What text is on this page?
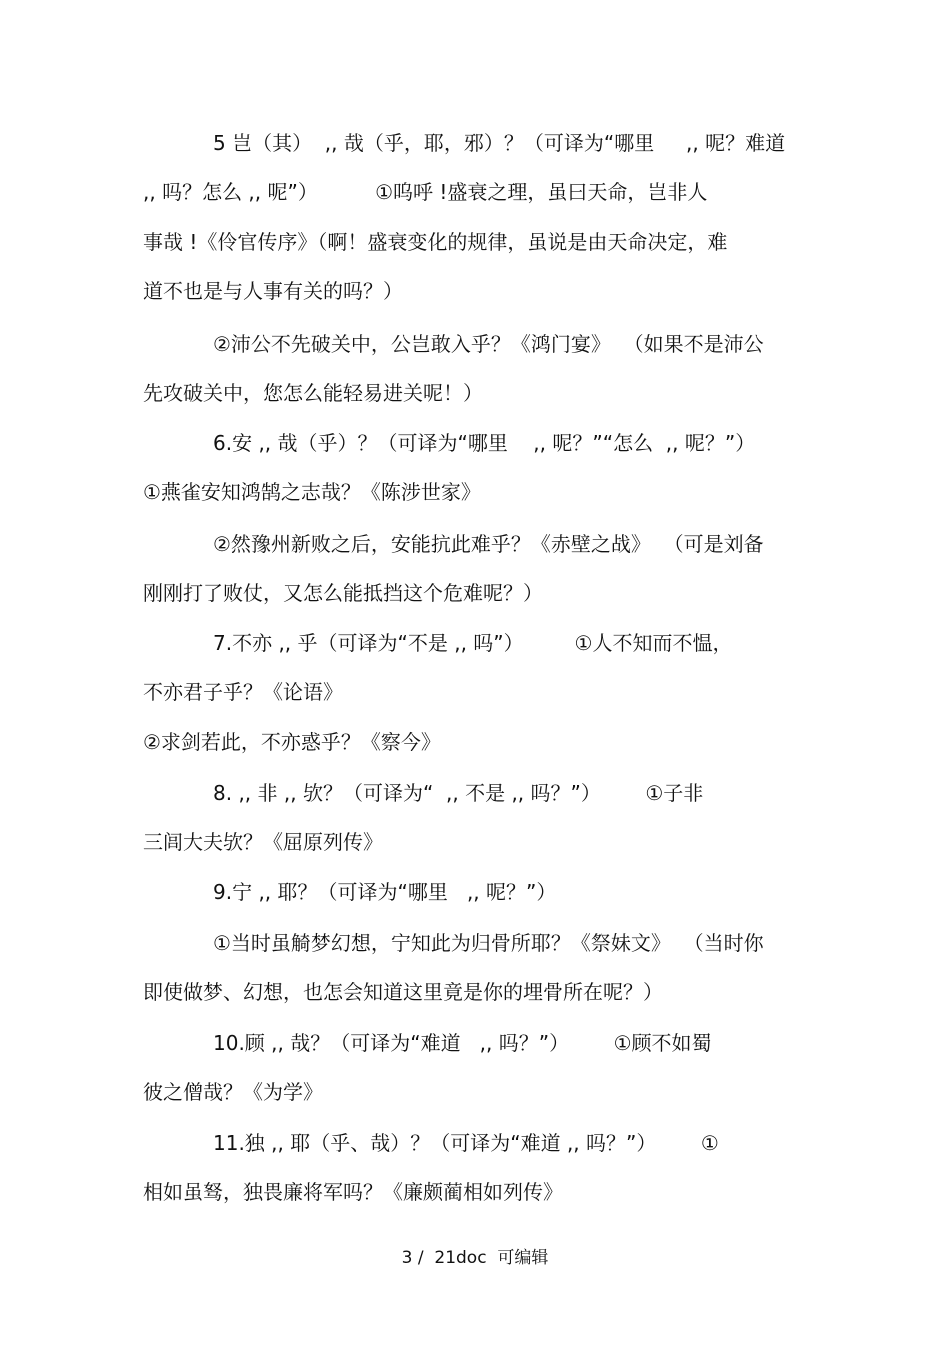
5 岂（其）  ,, 哉（乎，耶，邪）？（可译为“哪里     ,, 呢？难道

,, 吗？怎么 ,, 呢”）         ①呜呼 !盛衰之理，虽曰天命，岂非人

事哉 !《伶官传序》（啊！盛衰变化的规律，虽说是由天命决定，难

道不也是与人事有关的吗？）

②沛公不先破关中，公岂敢入乎？《鸿门宴》  （如果不是沛公

先攻破关中，您怎么能轻易进关呢！）

6.安 ,, 哉（乎）？（可译为“哪里    ,, 呢？”“怎么  ,, 呢？”）

①燕雀安知鸿鹄之志哉？《陈涉世家》

②然豫州新败之后，安能抗此难乎？《赤壁之战》  （可是刘备

刚刚打了败仗，又怎么能抵挡这个危难呢？）

7.不亦 ,, 乎（可译为“不是 ,, 吗”）        ①人不知而不愠，

不亦君子乎？《论语》

②求剑若此，不亦惑乎？《察今》

8. ,, 非 ,, 欤？（可译为“  ,, 不是 ,, 吗？”）       ①子非

三闾大夫欤？《屈原列传》

9.宁 ,, 耶？（可译为“哪里   ,, 呢？”）

①当时虽觭梦幻想，宁知此为归骨所耶？《祭妹文》  （当时你

即使做梦、幻想，也怎会知道这里竟是你的埋骨所在呢？）

10.顾 ,, 哉？（可译为“难道   ,, 吗？”）       ①顾不如蜀

彼之僧哉？《为学》

11.独 ,, 耶（乎、哉）？（可译为“难道 ,, 吗？”）       ①

相如虽驽，独畏廉将军吗？《廉颇蔺相如列传》

3 /  21doc  可编辑
